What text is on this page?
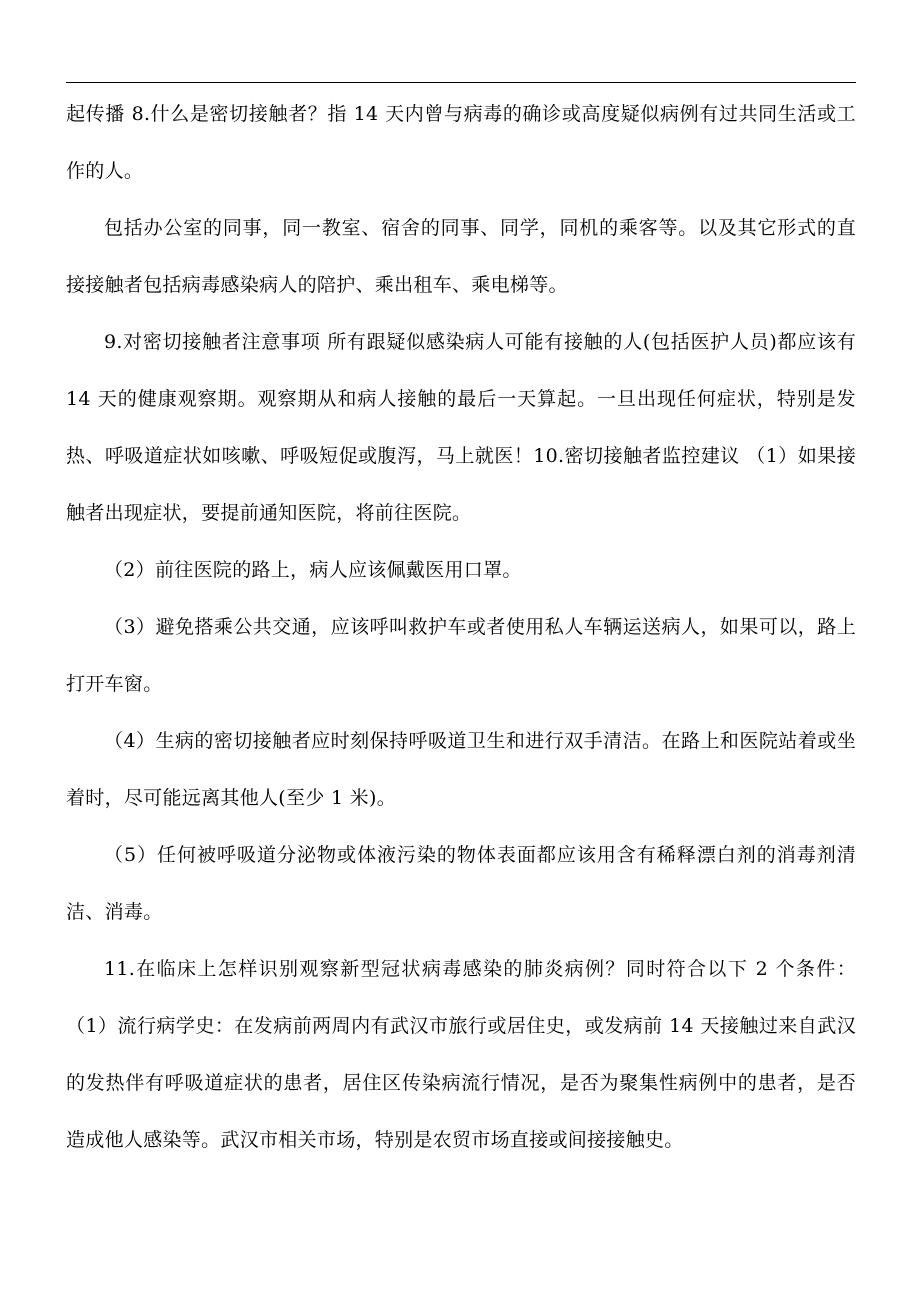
起传播 8.什么是密切接触者？指 14 天内曾与病毒的确诊或高度疑似病例有过共同生活或工作的人。

包括办公室的同事，同一教室、宿舍的同事、同学，同机的乘客等。以及其它形式的直接接触者包括病毒感染病人的陪护、乘出租车、乘电梯等。

9.对密切接触者注意事项 所有跟疑似感染病人可能有接触的人(包括医护人员)都应该有 14 天的健康观察期。观察期从和病人接触的最后一天算起。一旦出现任何症状，特别是发热、呼吸道症状如咳嗽、呼吸短促或腹泻，马上就医！10.密切接触者监控建议 （1）如果接触者出现症状，要提前通知医院，将前往医院。

（2）前往医院的路上，病人应该佩戴医用口罩。

（3）避免搭乘公共交通，应该呼叫救护车或者使用私人车辆运送病人，如果可以，路上打开车窗。

（4）生病的密切接触者应时刻保持呼吸道卫生和进行双手清洁。在路上和医院站着或坐着时，尽可能远离其他人(至少 1 米)。

（5）任何被呼吸道分泌物或体液污染的物体表面都应该用含有稀释漂白剂的消毒剂清洁、消毒。

11.在临床上怎样识别观察新型冠状病毒感染的肺炎病例？同时符合以下 2 个条件： （1）流行病学史：在发病前两周内有武汉市旅行或居住史，或发病前 14 天接触过来自武汉的发热伴有呼吸道症状的患者，居住区传染病流行情况，是否为聚集性病例中的患者，是否造成他人感染等。武汉市相关市场，特别是农贸市场直接或间接接触史。
